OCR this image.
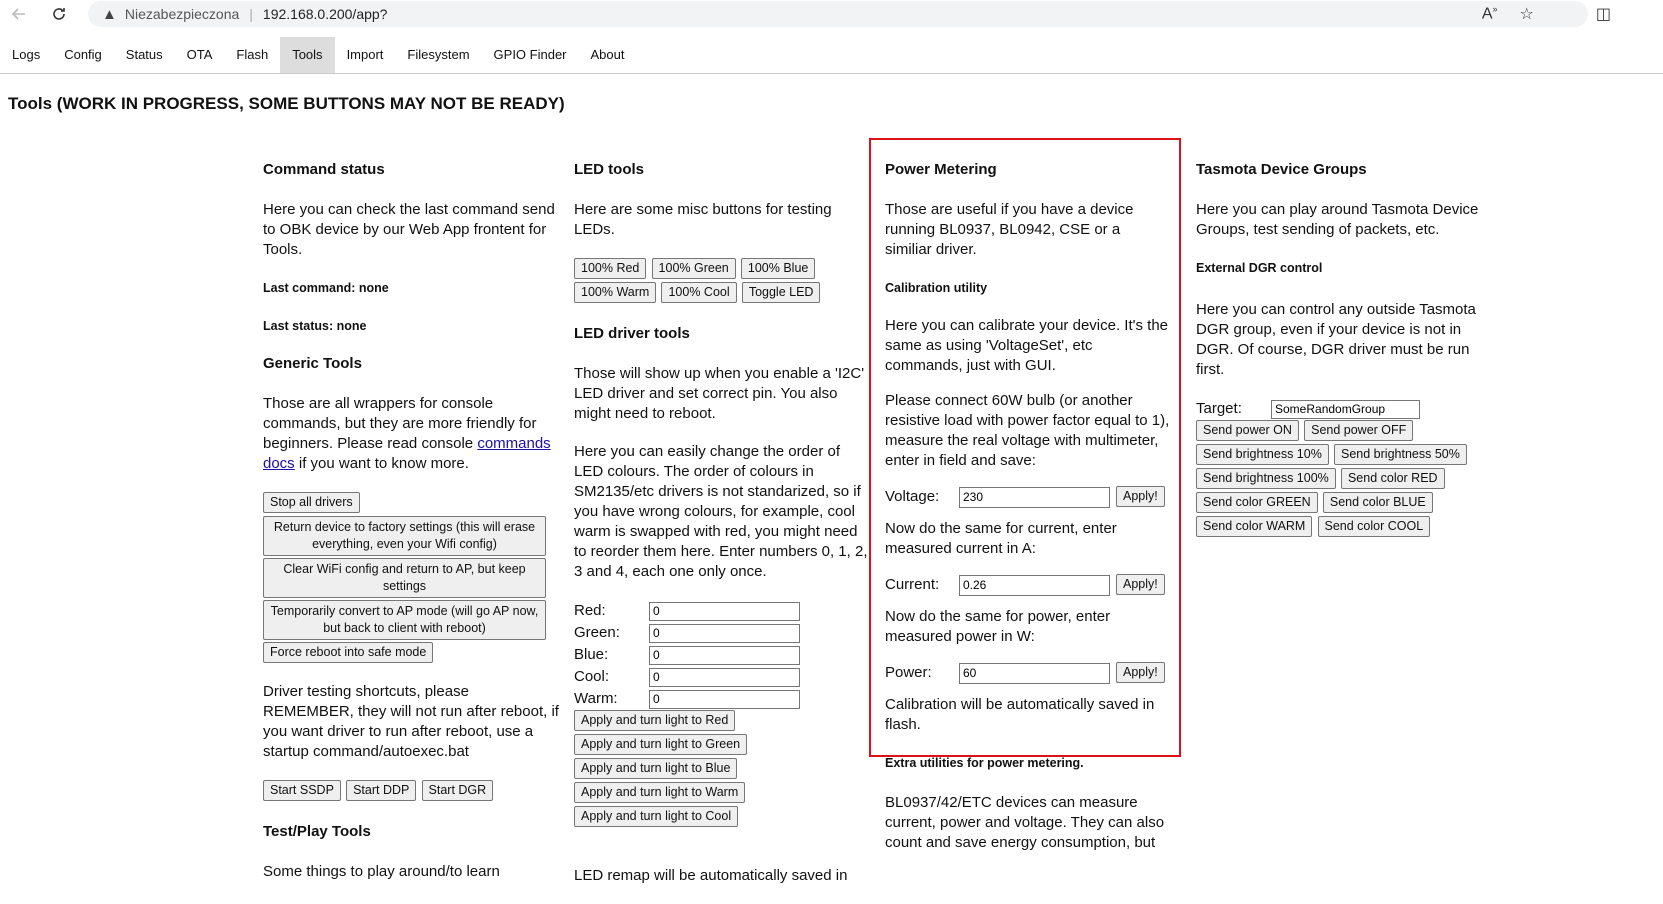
▲ Niezabezpieczona | 192.168.0.200/app?	A» ☆	◫
Logs	Config	Status	OTA	Flash	Tools	Import	Filesystem	GPIO Finder	About
Tools (WORK IN PROGRESS, SOME BUTTONS MAY NOT BE READY)
Command status

Here you can check the last command send to OBK device by our Web App frontent for Tools.

Last command: none
Last status: none
Generic Tools

Those are all wrappers for console commands, but they are more friendly for beginners. Please read console commands docs if you want to know more.

Stop all drivers
Return device to factory settings (this will erase everything, even your Wifi config)
Clear WiFi config and return to AP, but keep settings
Temporarily convert to AP mode (will go AP now, but back to client with reboot)
Force reboot into safe mode

Driver testing shortcuts, please REMEMBER, they will not run after reboot, if you want driver to run after reboot, use a startup command/autoexec.bat

Start SSDP Start DDP Start DGR
Test/Play Tools

Some things to play around/to learn

LED tools

Here are some misc buttons for testing LEDs.

100% Red 100% Green 100% Blue
100% Warm 100% Cool Toggle LED
LED driver tools

Those will show up when you enable a 'I2C' LED driver and set correct pin. You also might need to reboot.

Here you can easily change the order of LED colours. The order of colours in SM2135/etc drivers is not standarized, so if you have wrong colours, for example, cool warm is swapped with red, you might need to reorder them here. Enter numbers 0, 1, 2, 3 and 4, each one only once.

Red:
0
Green:
0
Blue:
0
Cool:
0
Warm:
0
Apply and turn light to Red
Apply and turn light to Green
Apply and turn light to Blue
Apply and turn light to Warm
Apply and turn light to Cool

LED remap will be automatically saved in

Power Metering

Those are useful if you have a device running BL0937, BL0942, CSE or a similiar driver.

Calibration utility

Here you can calibrate your device. It's the same as using 'VoltageSet', etc commands, just with GUI.

Please connect 60W bulb (or another resistive load with power factor equal to 1), measure the real voltage with multimeter, enter in field and save:

Voltage:
230	Apply!

Now do the same for current, enter measured current in A:

Current:
0.26	Apply!

Now do the same for power, enter measured power in W:

Power:
60	Apply!

Calibration will be automatically saved in flash.

Extra utilities for power metering.

BL0937/42/ETC devices can measure current, power and voltage. They can also count and save energy consumption, but

Tasmota Device Groups

Here you can play around Tasmota Device Groups, test sending of packets, etc.

External DGR control

Here you can control any outside Tasmota DGR group, even if your device is not in DGR. Of course, DGR driver must be run first.

Target:
SomeRandomGroup
Send power ON Send power OFF
Send brightness 10% Send brightness 50%
Send brightness 100% Send color RED
Send color GREEN Send color BLUE
Send color WARM Send color COOL
